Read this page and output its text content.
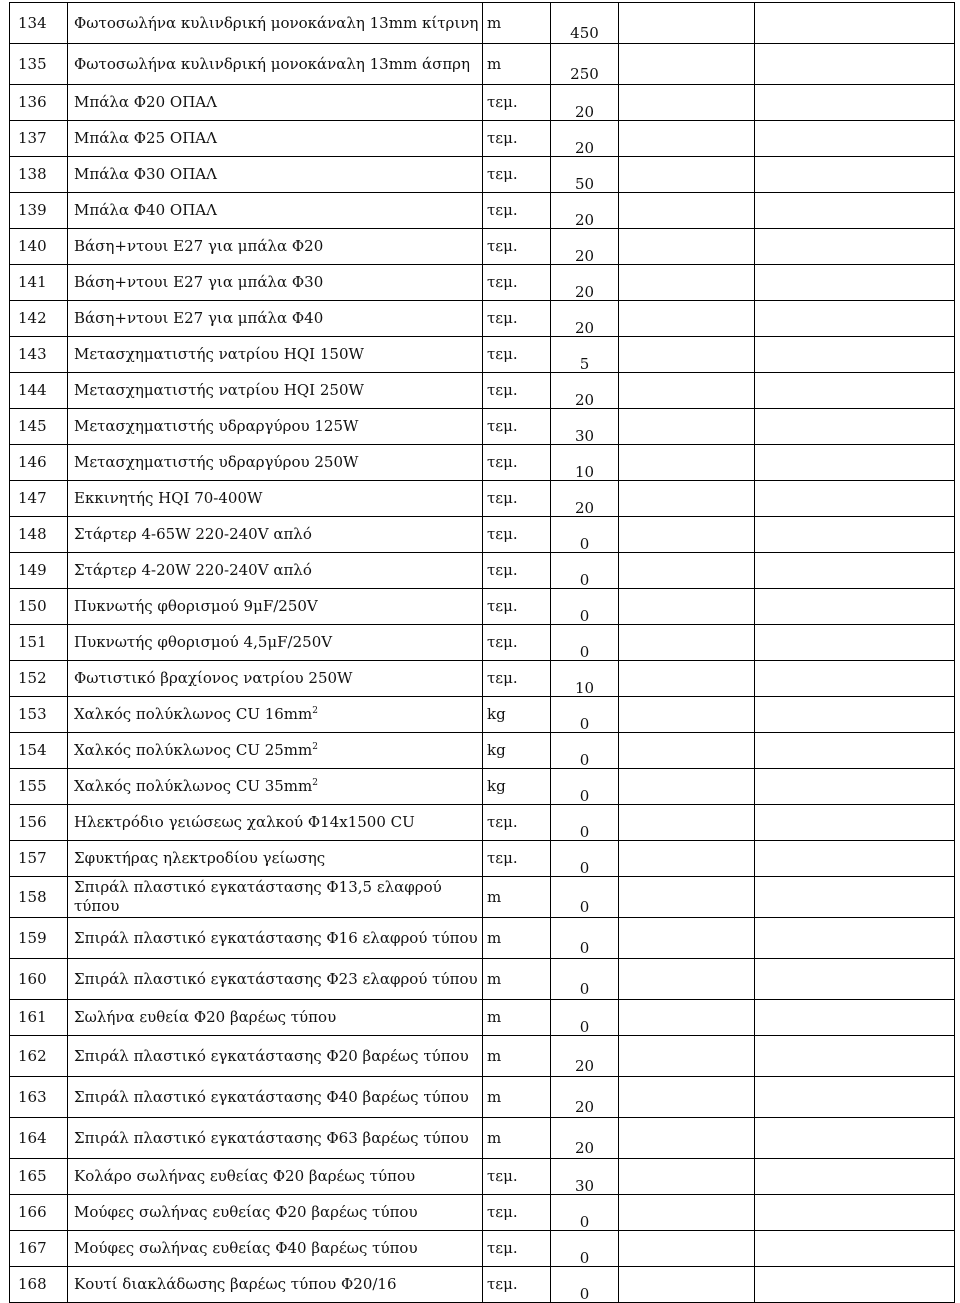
134	Φωτοσωλήνα κυλινδρική μονοκάναλη 13mm κίτρινη	m	450		
135	Φωτοσωλήνα κυλινδρική μονοκάναλη 13mm άσπρη	m	250		
136	Μπάλα Φ20 ΟΠΑΛ	τεμ.	20		
137	Μπάλα Φ25 ΟΠΑΛ	τεμ.	20		
138	Μπάλα Φ30 ΟΠΑΛ	τεμ.	50		
139	Μπάλα Φ40 ΟΠΑΛ	τεμ.	20		
140	Βάση+ντουι Ε27 για μπάλα Φ20	τεμ.	20		
141	Βάση+ντουι Ε27 για μπάλα Φ30	τεμ.	20		
142	Βάση+ντουι Ε27 για μπάλα Φ40	τεμ.	20		
143	Μετασχηματιστής νατρίου HQI 150W	τεμ.	5		
144	Μετασχηματιστής νατρίου HQI 250W	τεμ.	20		
145	Μετασχηματιστής υδραργύρου 125W	τεμ.	30		
146	Μετασχηματιστής υδραργύρου 250W	τεμ.	10		
147	Εκκινητής HQI 70-400W	τεμ.	20		
148	Στάρτερ 4-65W 220-240V απλό	τεμ.	0		
149	Στάρτερ 4-20W 220-240V απλό	τεμ.	0		
150	Πυκνωτής φθορισμού 9μF/250V	τεμ.	0		
151	Πυκνωτής φθορισμού 4,5μF/250V	τεμ.	0		
152	Φωτιστικό βραχίονος νατρίου 250W	τεμ.	10		
153	Χαλκός πολύκλωνος CU $16mm^2$	kg	0		
154	Χαλκός πολύκλωνος CU $25mm^2$	kg	0		
155	Χαλκός πολύκλωνος CU $35mm^2$	kg	0		
156	Ηλεκτρόδιο γειώσεως χαλκού Φ14x1500 CU	τεμ.	0		
157	Σφυκτήρας ηλεκτροδίου γείωσης	τεμ.	0		
158	Σπιράλ πλαστικό εγκατάστασης Φ13,5 ελαφρού τύπου	m	0		
159	Σπιράλ πλαστικό εγκατάστασης Φ16 ελαφρού τύπου	m	0		
160	Σπιράλ πλαστικό εγκατάστασης Φ23 ελαφρού τύπου	m	0		
161	Σωλήνα ευθεία Φ20 βαρέως τύπου	m	0		
162	Σπιράλ πλαστικό εγκατάστασης Φ20 βαρέως τύπου	m	20		
163	Σπιράλ πλαστικό εγκατάστασης Φ40 βαρέως τύπου	m	20		
164	Σπιράλ πλαστικό εγκατάστασης Φ63 βαρέως τύπου	m	20		
165	Κολάρο σωλήνας ευθείας Φ20 βαρέως τύπου	τεμ.	30		
166	Μούφες σωλήνας ευθείας Φ20 βαρέως τύπου	τεμ.	0		
167	Μούφες σωλήνας ευθείας Φ40 βαρέως τύπου	τεμ.	0		
168	Κουτί διακλάδωσης βαρέως τύπου Φ20/16	τεμ.	0		
